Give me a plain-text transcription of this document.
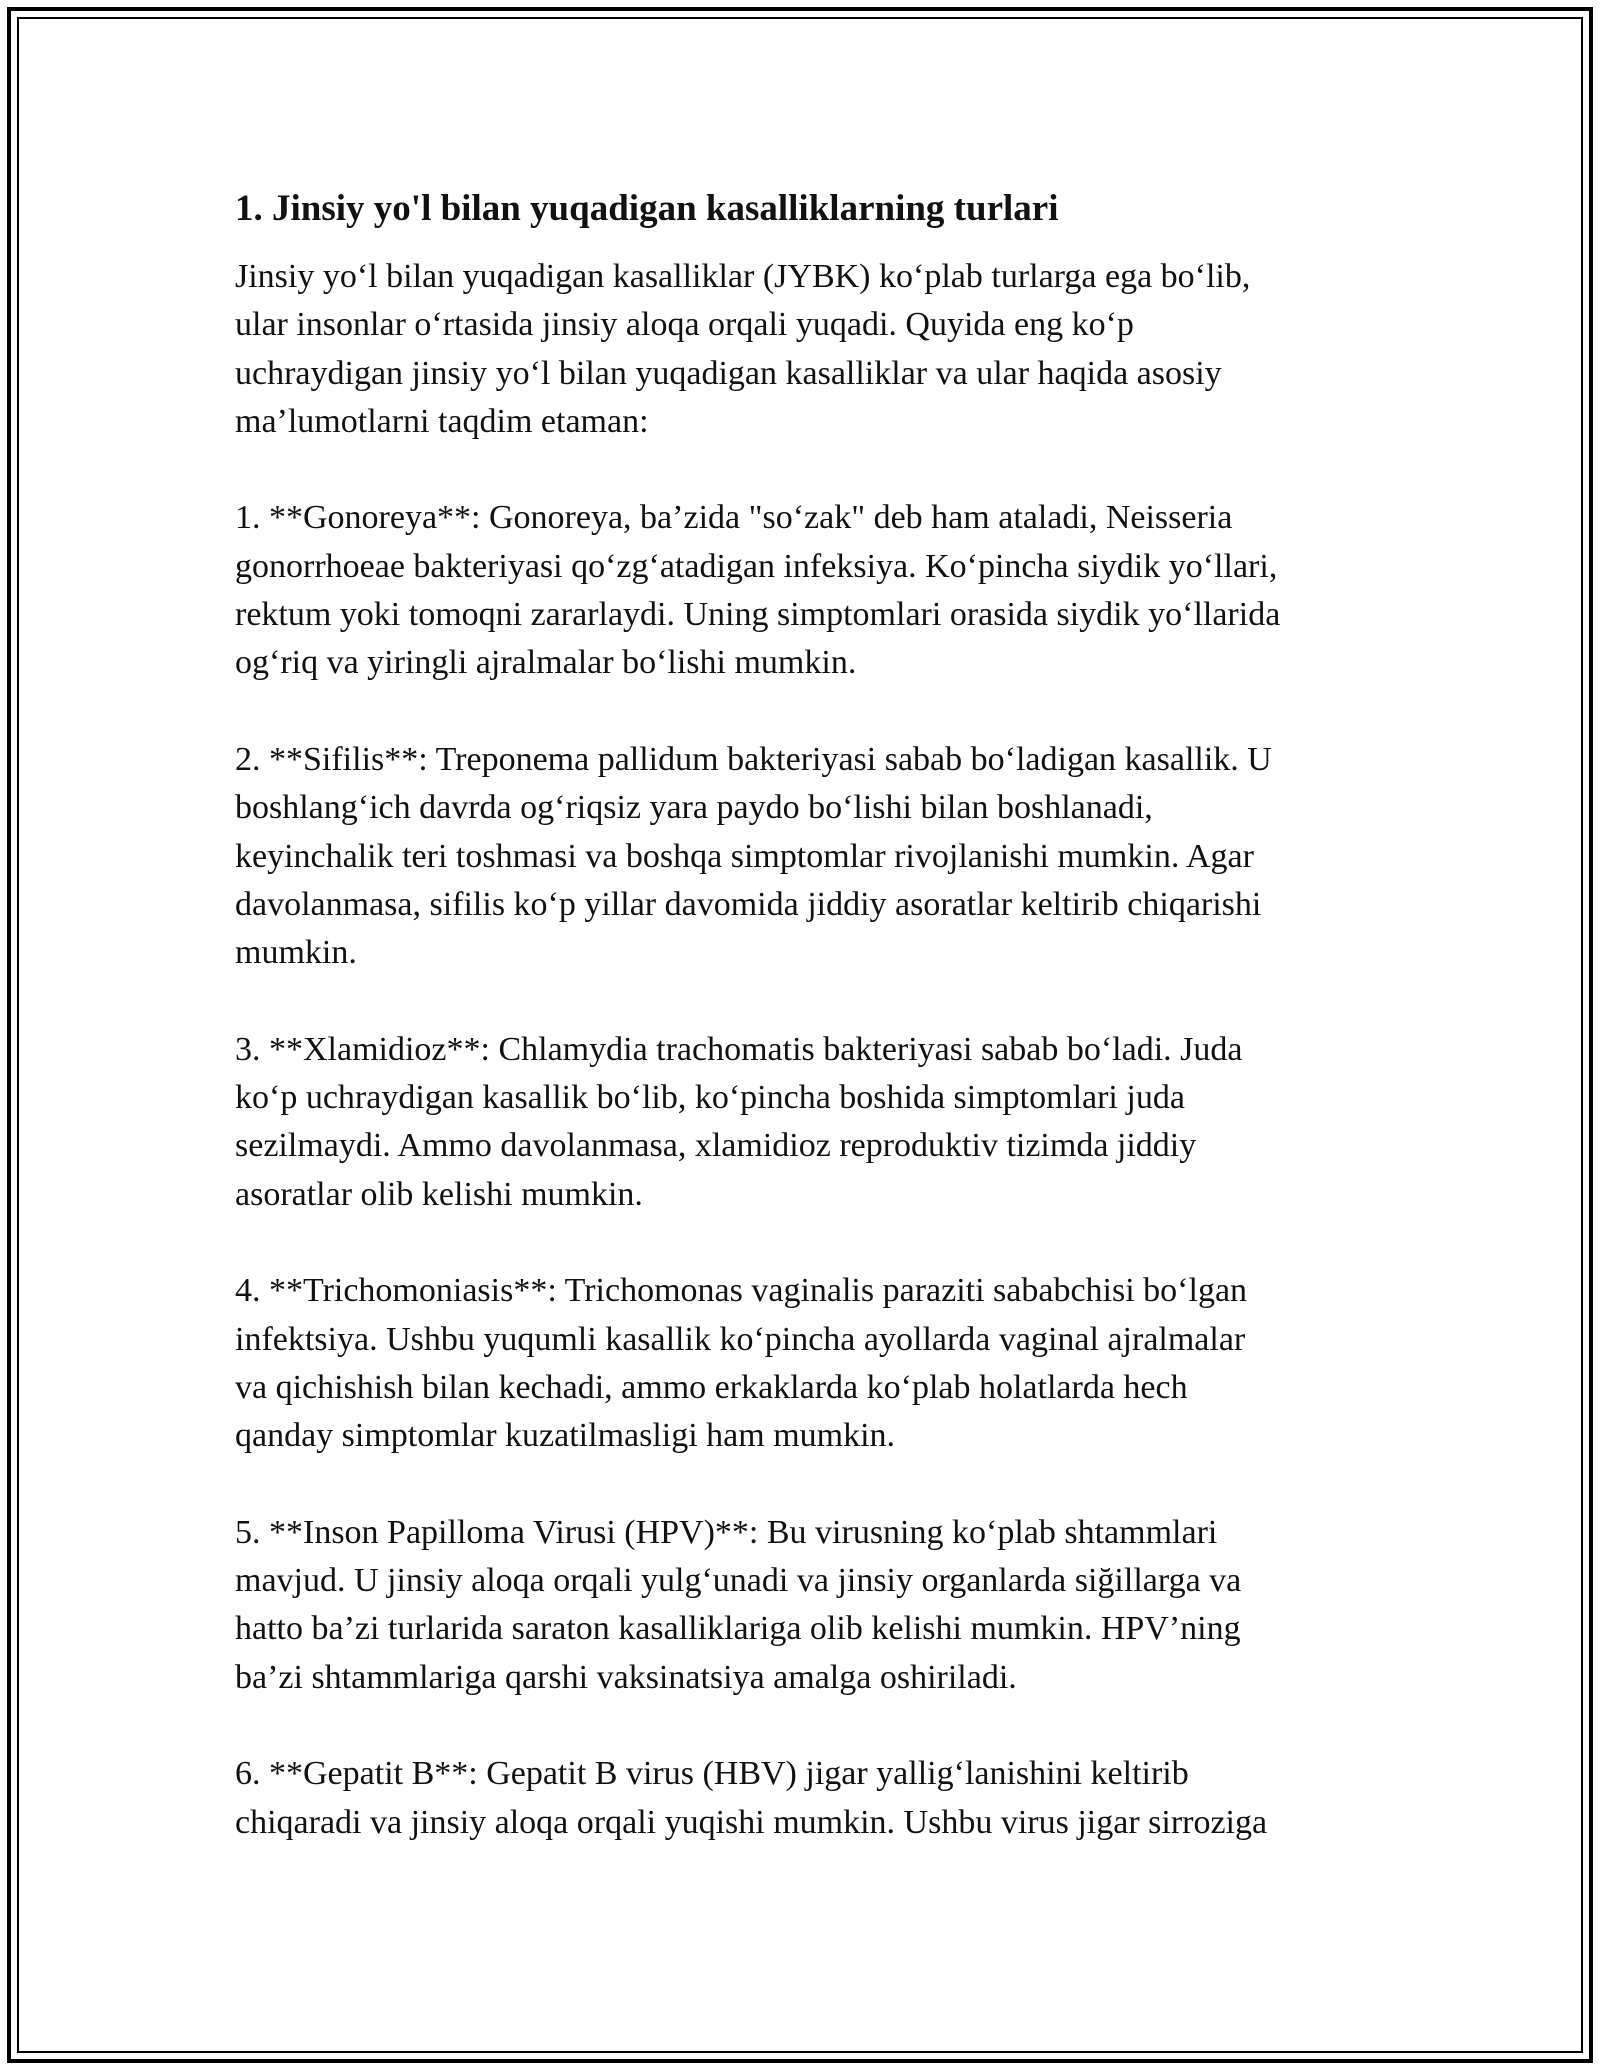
1. Jinsiy yo'l bilan yuqadigan kasalliklarning turlari
Jinsiy yo‘l bilan yuqadigan kasalliklar (JYBK) ko‘plab turlarga ega bo‘lib,
ular insonlar o‘rtasida jinsiy aloqa orqali yuqadi. Quyida eng ko‘p
uchraydigan jinsiy yo‘l bilan yuqadigan kasalliklar va ular haqida asosiy
ma’lumotlarni taqdim etaman:
1. **Gonoreya**: Gonoreya, ba’zida "so‘zak" deb ham ataladi, Neisseria
gonorrhoeae bakteriyasi qo‘zg‘atadigan infeksiya. Ko‘pincha siydik yo‘llari,
rektum yoki tomoqni zararlaydi. Uning simptomlari orasida siydik yo‘llarida
og‘riq va yiringli ajralmalar bo‘lishi mumkin.
2. **Sifilis**: Treponema pallidum bakteriyasi sabab bo‘ladigan kasallik. U
boshlang‘ich davrda og‘riqsiz yara paydo bo‘lishi bilan boshlanadi,
keyinchalik teri toshmasi va boshqa simptomlar rivojlanishi mumkin. Agar
davolanmasa, sifilis ko‘p yillar davomida jiddiy asoratlar keltirib chiqarishi
mumkin.
3. **Xlamidioz**: Chlamydia trachomatis bakteriyasi sabab bo‘ladi. Juda
ko‘p uchraydigan kasallik bo‘lib, ko‘pincha boshida simptomlari juda
sezilmaydi. Ammo davolanmasa, xlamidioz reproduktiv tizimda jiddiy
asoratlar olib kelishi mumkin.
4. **Trichomoniasis**: Trichomonas vaginalis paraziti sababchisi bo‘lgan
infektsiya. Ushbu yuqumli kasallik ko‘pincha ayollarda vaginal ajralmalar
va qichishish bilan kechadi, ammo erkaklarda ko‘plab holatlarda hech
qanday simptomlar kuzatilmasligi ham mumkin.
5. **Inson Papilloma Virusi (HPV)**: Bu virusning ko‘plab shtammlari
mavjud. U jinsiy aloqa orqali yulg‘unadi va jinsiy organlarda siğillarga va
hatto ba’zi turlarida saraton kasalliklariga olib kelishi mumkin. HPV’ning
ba’zi shtammlariga qarshi vaksinatsiya amalga oshiriladi.
6. **Gepatit B**: Gepatit B virus (HBV) jigar yallig‘lanishini keltirib
chiqaradi va jinsiy aloqa orqali yuqishi mumkin. Ushbu virus jigar sirroziga
